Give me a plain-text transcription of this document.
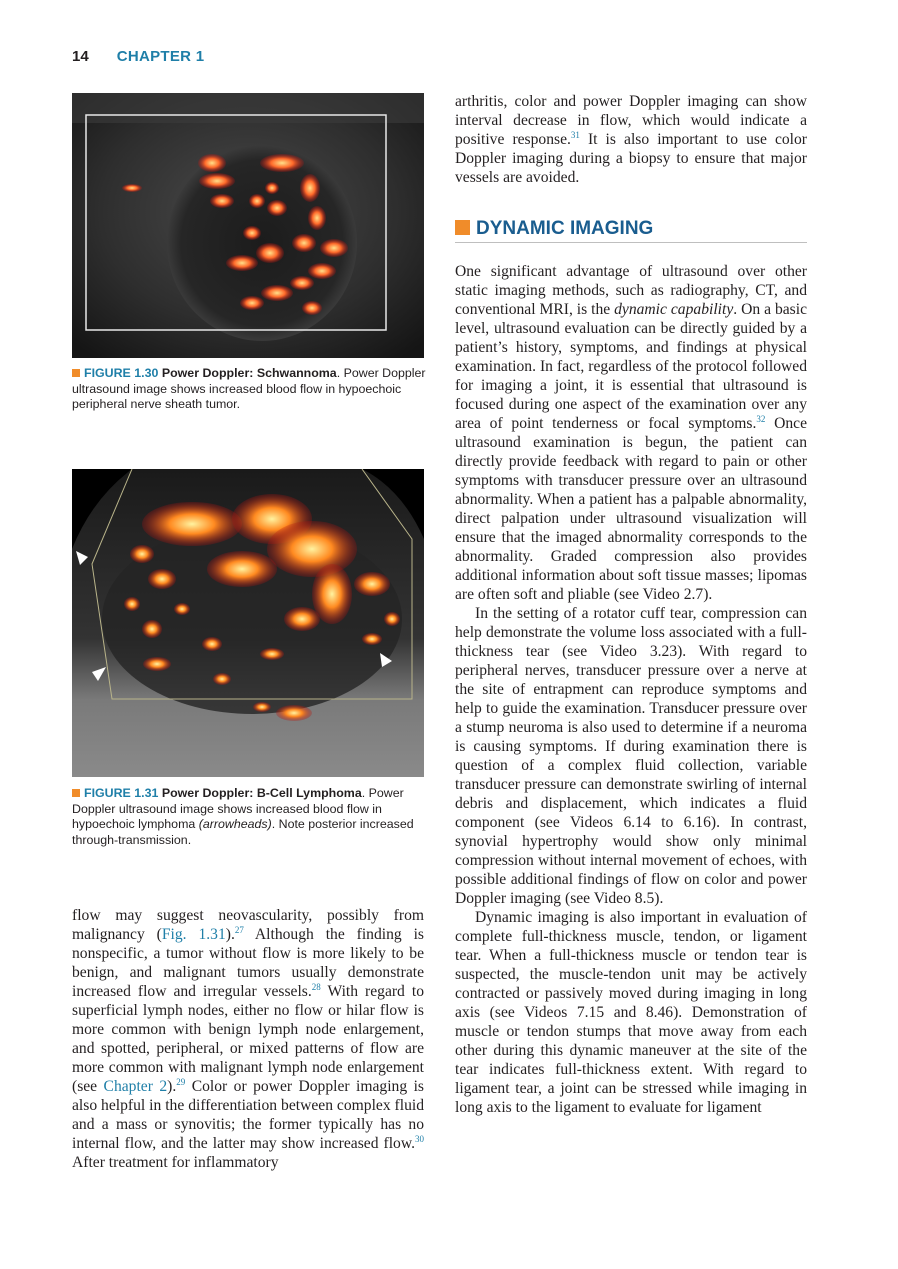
14 CHAPTER 1
FIGURE 1.30 Power Doppler: Schwannoma. Power Doppler ultrasound image shows increased blood flow in hypoechoic peripheral nerve sheath tumor.
FIGURE 1.31 Power Doppler: B-Cell Lymphoma. Power Doppler ultrasound image shows increased blood flow in hypoechoic lymphoma (arrowheads). Note posterior increased through-transmission.

flow may suggest neovascularity, possibly from malignancy (Fig. 1.31).$^{27}$ Although the finding is nonspecific, a tumor without flow is more likely to be benign, and malignant tumors usually demonstrate increased flow and irregular vessels.$^{28}$ With regard to superficial lymph nodes, either no flow or hilar flow is more common with benign lymph node enlargement, and spotted, peripheral, or mixed patterns of flow are more common with malignant lymph node enlargement (see Chapter 2).$^{29}$ Color or power Doppler imaging is also helpful in the differentiation between complex fluid and a mass or synovitis; the former typically has no internal flow, and the latter may show increased flow.$^{30}$ After treatment for inflammatory

arthritis, color and power Doppler imaging can show interval decrease in flow, which would indicate a positive response.$^{31}$ It is also important to use color Doppler imaging during a biopsy to ensure that major vessels are avoided.

DYNAMIC IMAGING

One significant advantage of ultrasound over other static imaging methods, such as radiography, CT, and conventional MRI, is the dynamic capability. On a basic level, ultrasound evaluation can be directly guided by a patient’s history, symptoms, and findings at physical examination. In fact, regardless of the protocol followed for imaging a joint, it is essential that ultrasound is focused during one aspect of the examination over any area of point tenderness or focal symptoms.$^{32}$ Once ultrasound examination is begun, the patient can directly provide feedback with regard to pain or other symptoms with transducer pressure over an ultrasound abnormality. When a patient has a palpable abnormality, direct palpation under ultrasound visualization will ensure that the imaged abnormality corresponds to the abnormality. Graded compression also provides additional information about soft tissue masses; lipomas are often soft and pliable (see Video 2.7).

In the setting of a rotator cuff tear, compression can help demonstrate the volume loss associated with a full-thickness tear (see Video 3.23). With regard to peripheral nerves, transducer pressure over a nerve at the site of entrapment can reproduce symptoms and help to guide the examination. Transducer pressure over a stump neuroma is also used to determine if a neuroma is causing symptoms. If during examination there is question of a complex fluid collection, variable transducer pressure can demonstrate swirling of internal debris and displacement, which indicates a fluid component (see Videos 6.14 to 6.16). In contrast, synovial hypertrophy would show only minimal compression without internal movement of echoes, with possible additional findings of flow on color and power Doppler imaging (see Video 8.5).

Dynamic imaging is also important in evaluation of complete full-thickness muscle, tendon, or ligament tear. When a full-thickness muscle or tendon tear is suspected, the muscle-tendon unit may be actively contracted or passively moved during imaging in long axis (see Videos 7.15 and 8.46). Demonstration of muscle or tendon stumps that move away from each other during this dynamic maneuver at the site of the tear indicates full-thickness extent. With regard to ligament tear, a joint can be stressed while imaging in long axis to the ligament to evaluate for ligament
